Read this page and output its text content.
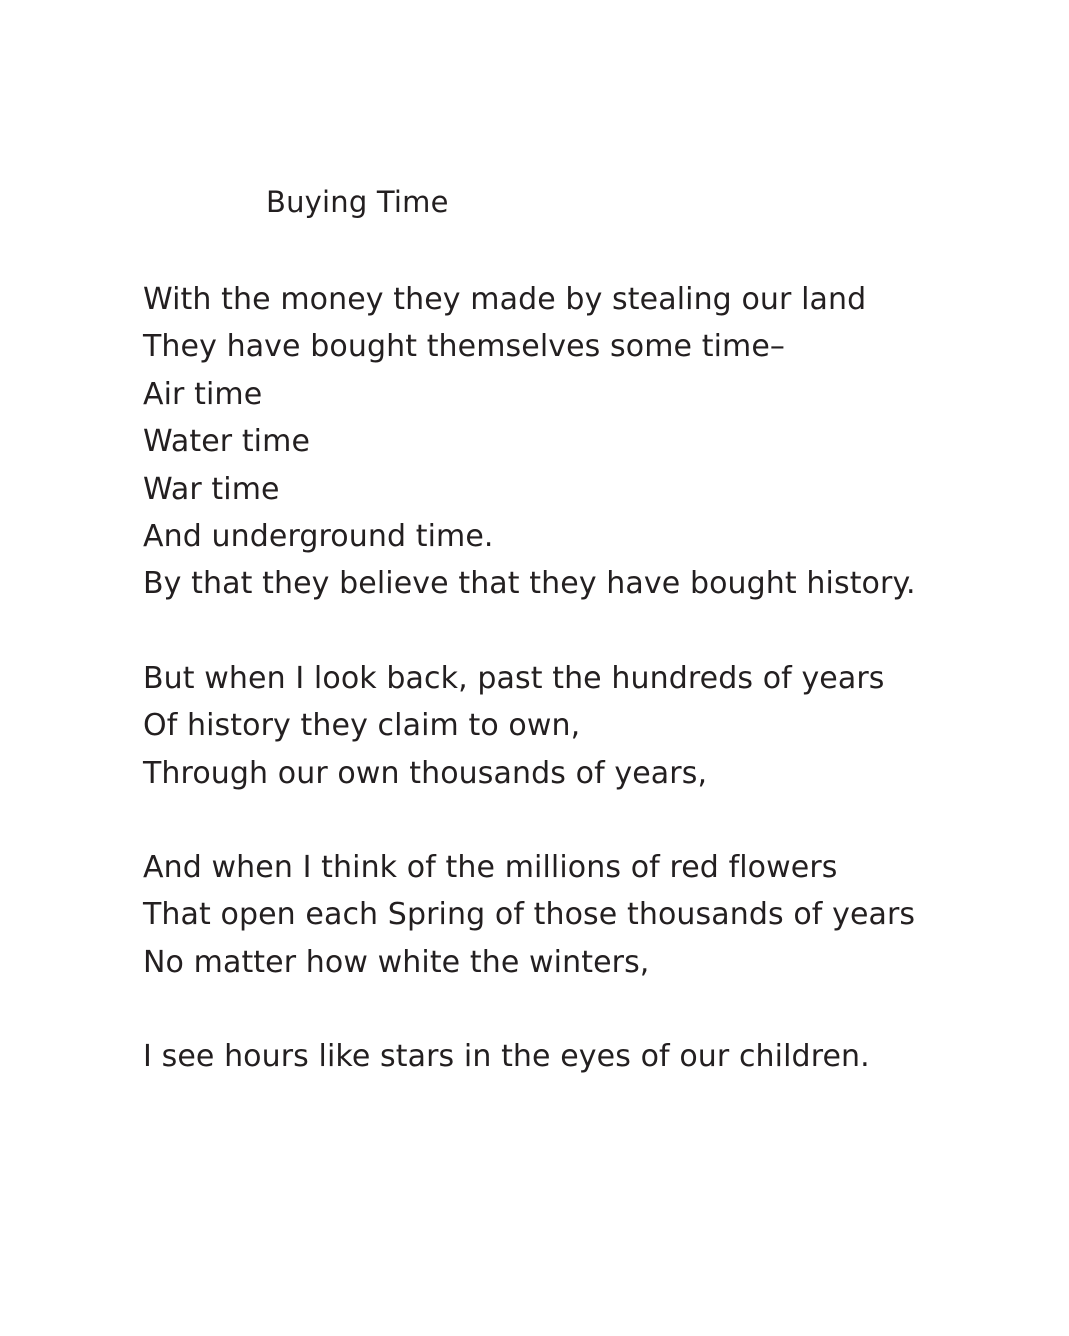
Buying Time
With the money they made by stealing our land
They have bought themselves some time–
Air time
Water time
War time
And underground time.
By that they believe that they have bought history.
But when I look back, past the hundreds of years
Of history they claim to own,
Through our own thousands of years,
And when I think of the millions of red flowers
That open each Spring of those thousands of years
No matter how white the winters,
I see hours like stars in the eyes of our children.
